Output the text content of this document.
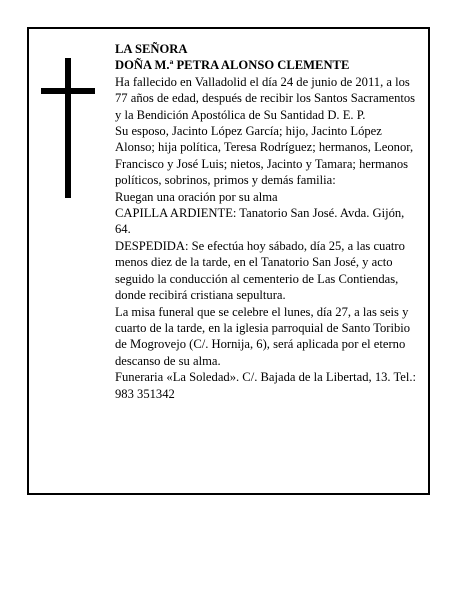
LA SEÑORA

DOÑA M.ª PETRA ALONSO CLEMENTE

Ha fallecido en Valladolid el día 24 de junio de 2011, a los 77 años de edad, después de recibir los Santos Sacramentos y la Bendición Apostólica de Su Santidad D. E. P.

Su esposo, Jacinto López García; hijo, Jacinto López Alonso; hija política, Teresa Rodríguez; hermanos, Leonor, Francisco y José Luis; nietos, Jacinto y Tamara; hermanos políticos, sobrinos, primos y demás familia:

Ruegan una oración por su alma

CAPILLA ARDIENTE: Tanatorio San José. Avda. Gijón, 64.

DESPEDIDA: Se efectúa hoy sábado, día 25, a las cuatro menos diez de la tarde, en el Tanatorio San José, y acto seguido la conducción al cementerio de Las Contiendas, donde recibirá cristiana sepultura.

La misa funeral que se celebre el lunes, día 27, a las seis y cuarto de la tarde, en la iglesia parroquial de Santo Toribio de Mogrovejo (C/. Hornija, 6), será aplicada por el eterno descanso de su alma.

Funeraria «La Soledad». C/. Bajada de la Libertad, 13. Tel.: 983 351342
